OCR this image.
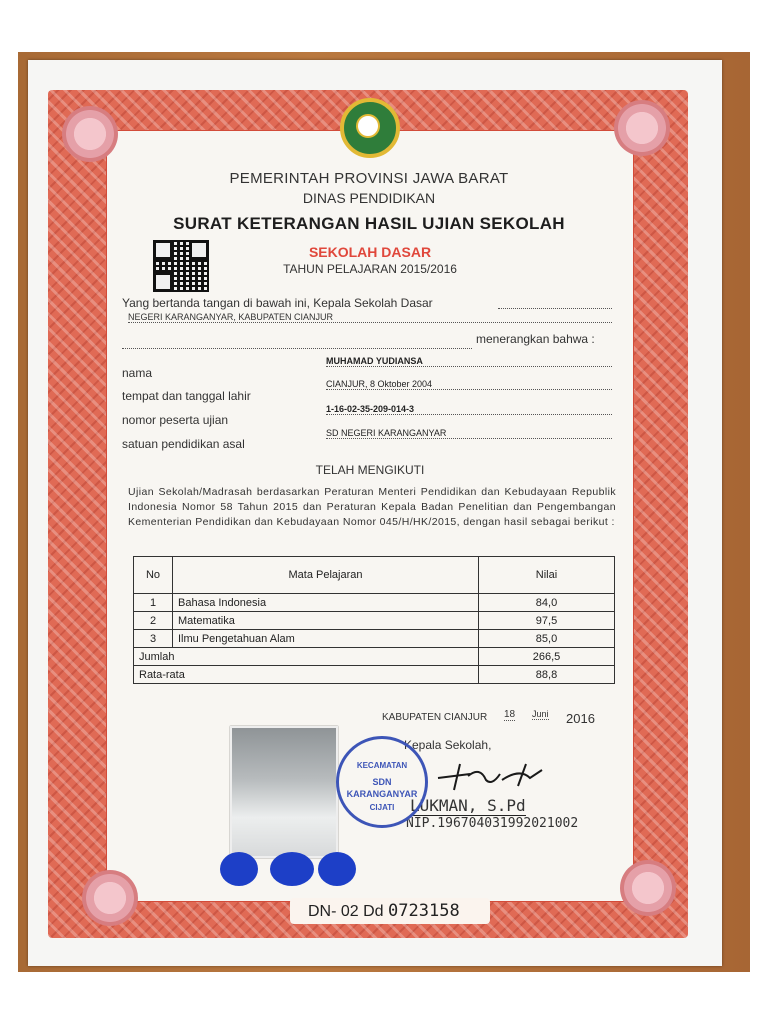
PEMERINTAH PROVINSI JAWA BARAT
DINAS PENDIDIKAN
SURAT KETERANGAN HASIL UJIAN SEKOLAH
SEKOLAH DASAR
TAHUN PELAJARAN 2015/2016
Yang bertanda tangan di bawah ini, Kepala Sekolah Dasar
NEGERI KARANGANYAR, KABUPATEN CIANJUR
menerangkan bahwa :
nama
MUHAMAD YUDIANSA
tempat dan tanggal lahir
CIANJUR, 8 Oktober 2004
nomor peserta ujian
1-16-02-35-209-014-3
satuan pendidikan asal
SD NEGERI KARANGANYAR
TELAH MENGIKUTI
Ujian Sekolah/Madrasah berdasarkan Peraturan Menteri Pendidikan dan Kebudayaan Republik Indonesia Nomor 58 Tahun 2015 dan Peraturan Kepala Badan Penelitian dan Pengembangan Kementerian Pendidikan dan Kebudayaan Nomor 045/H/HK/2015, dengan hasil sebagai berikut :
No	Mata Pelajaran	Nilai
1	Bahasa Indonesia	84,0
2	Matematika	97,5
3	Ilmu Pengetahuan Alam	85,0
Jumlah		266,5
Rata-rata		88,8
KABUPATEN CIANJUR 18 Juni 2016
Kepala Sekolah,
LUKMAN, S.Pd
NIP.196704031992021002
KECAMATAN
SDN
KARANGANYAR
CIJATI
DN- 02 Dd 0723158
